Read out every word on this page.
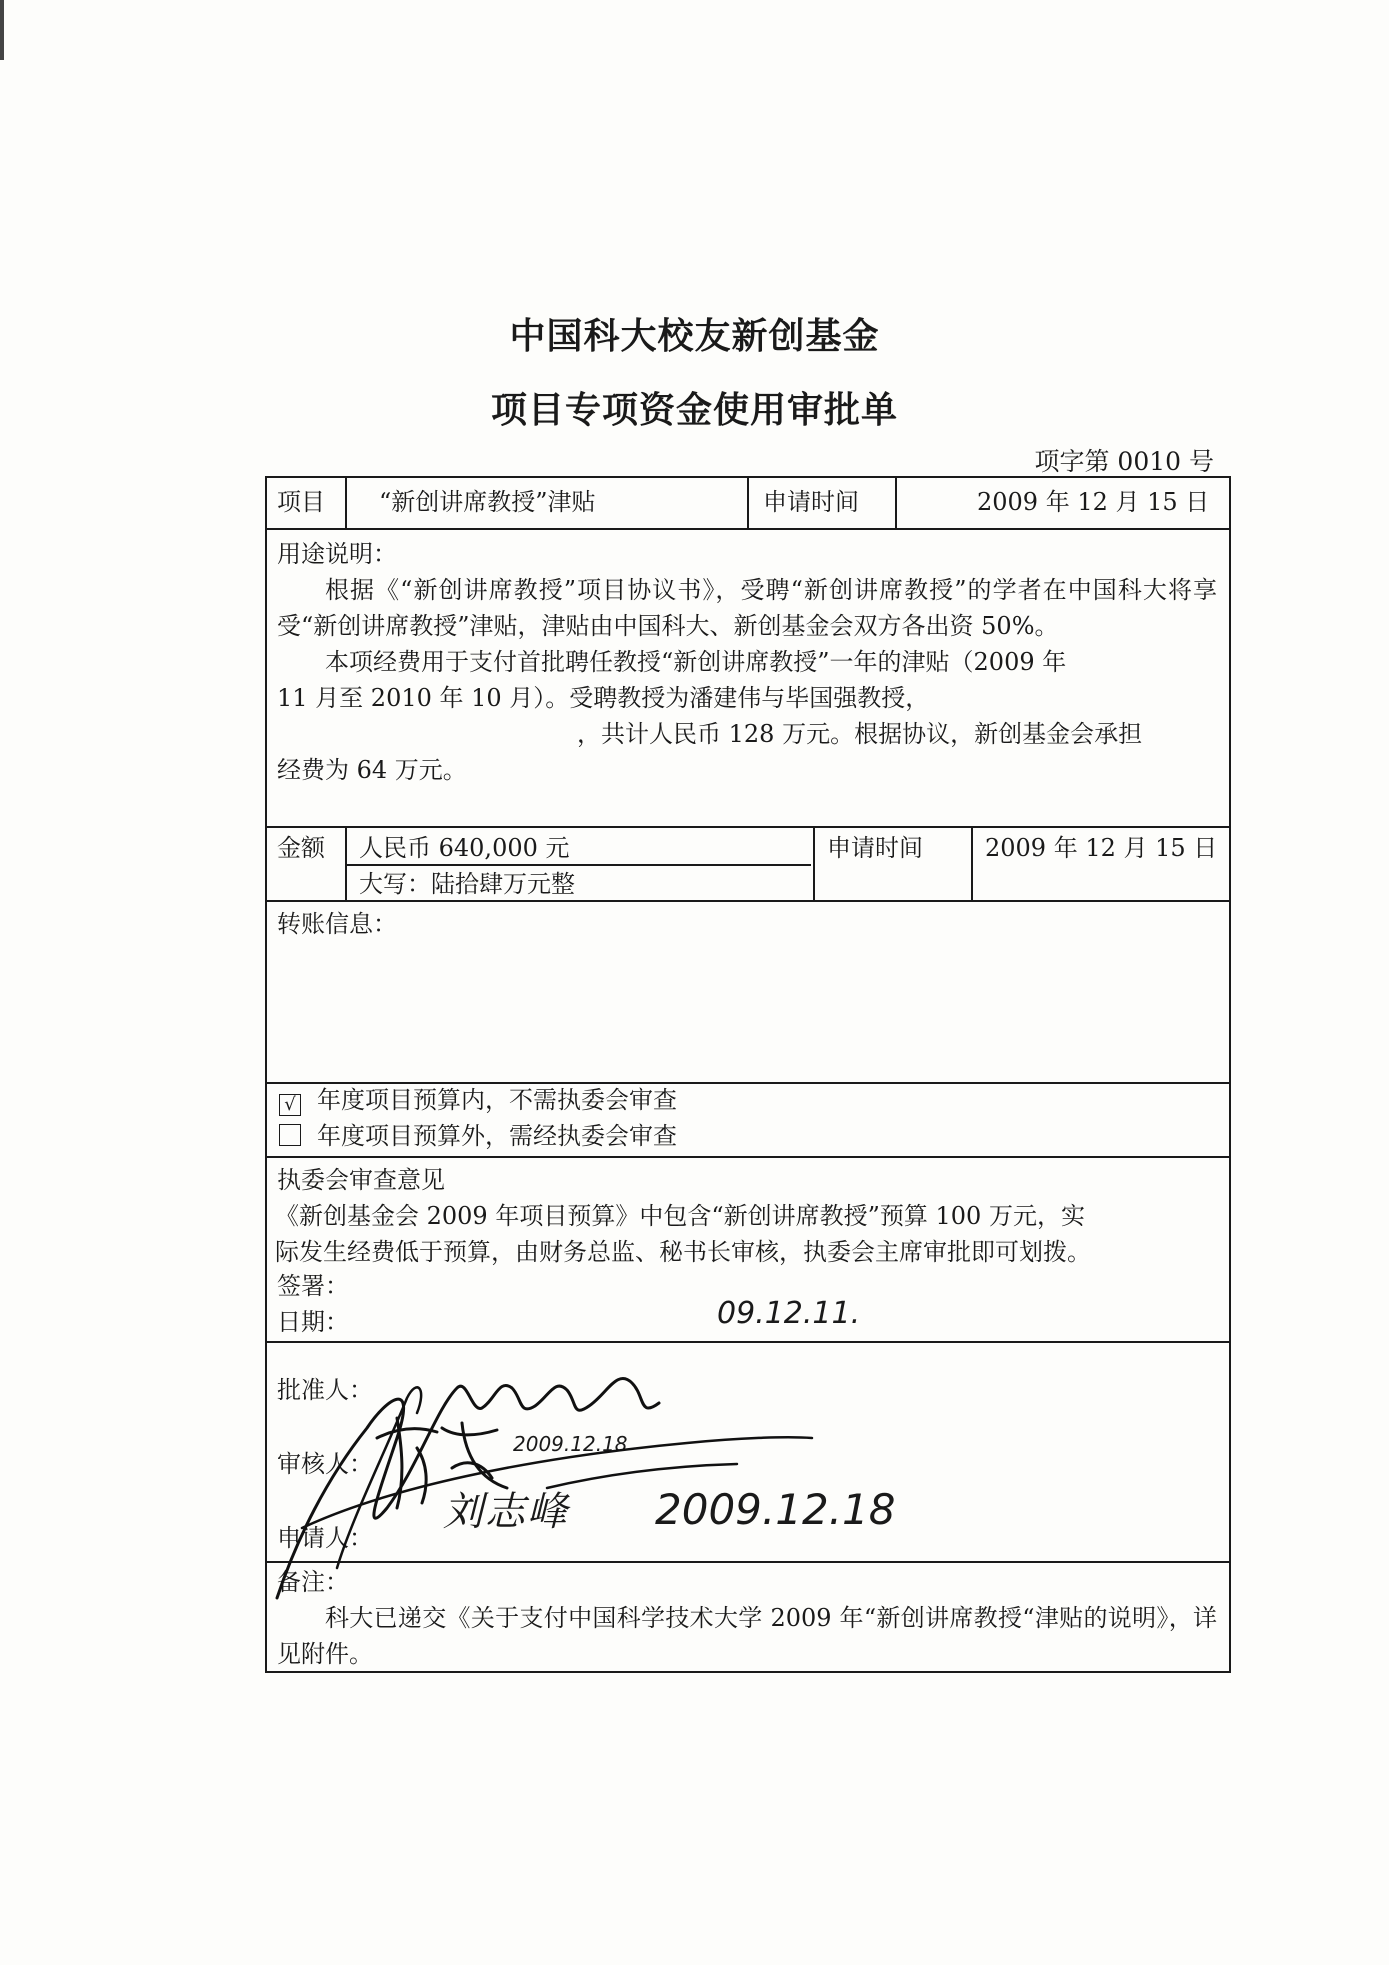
中国科大校友新创基金
项目专项资金使用审批单
项字第 0010 号
项目 “新创讲席教授”津贴	申请时间	2009 年 12 月 15 日
用途说明：

根据《“新创讲席教授”项目协议书》，受聘“新创讲席教授”的学者在中国科大将享受“新创讲席教授”津贴，津贴由中国科大、新创基金会双方各出资 50%。

本项经费用于支付首批聘任教授“新创讲席教授”一年的津贴（2009 年

11 月至 2010 年 10 月）。受聘教授为潘建伟与毕国强教授，

，共计人民币 128 万元。根据协议，新创基金会承担

经费为 64 万元。

金额 人民币 640,000 元
大写：陆拾肆万元整
申请时间	2009 年 12 月 15 日
转账信息：
√ 年度项目预算内，不需执委会审查
年度项目预算外，需经执委会审查
执委会审查意见
《新创基金会 2009 年项目预算》中包含“新创讲席教授”预算 100 万元，实
际发生经费低于预算，由财务总监、秘书长审核，执委会主席审批即可划拨。
签署：
日期：	09.12.11.
批准人：
审核人：
2009.12.18
申请人：
刘志峰 2009.12.18
备注：

科大已递交《关于支付中国科学技术大学 2009 年“新创讲席教授“津贴的说明》，详见附件。
